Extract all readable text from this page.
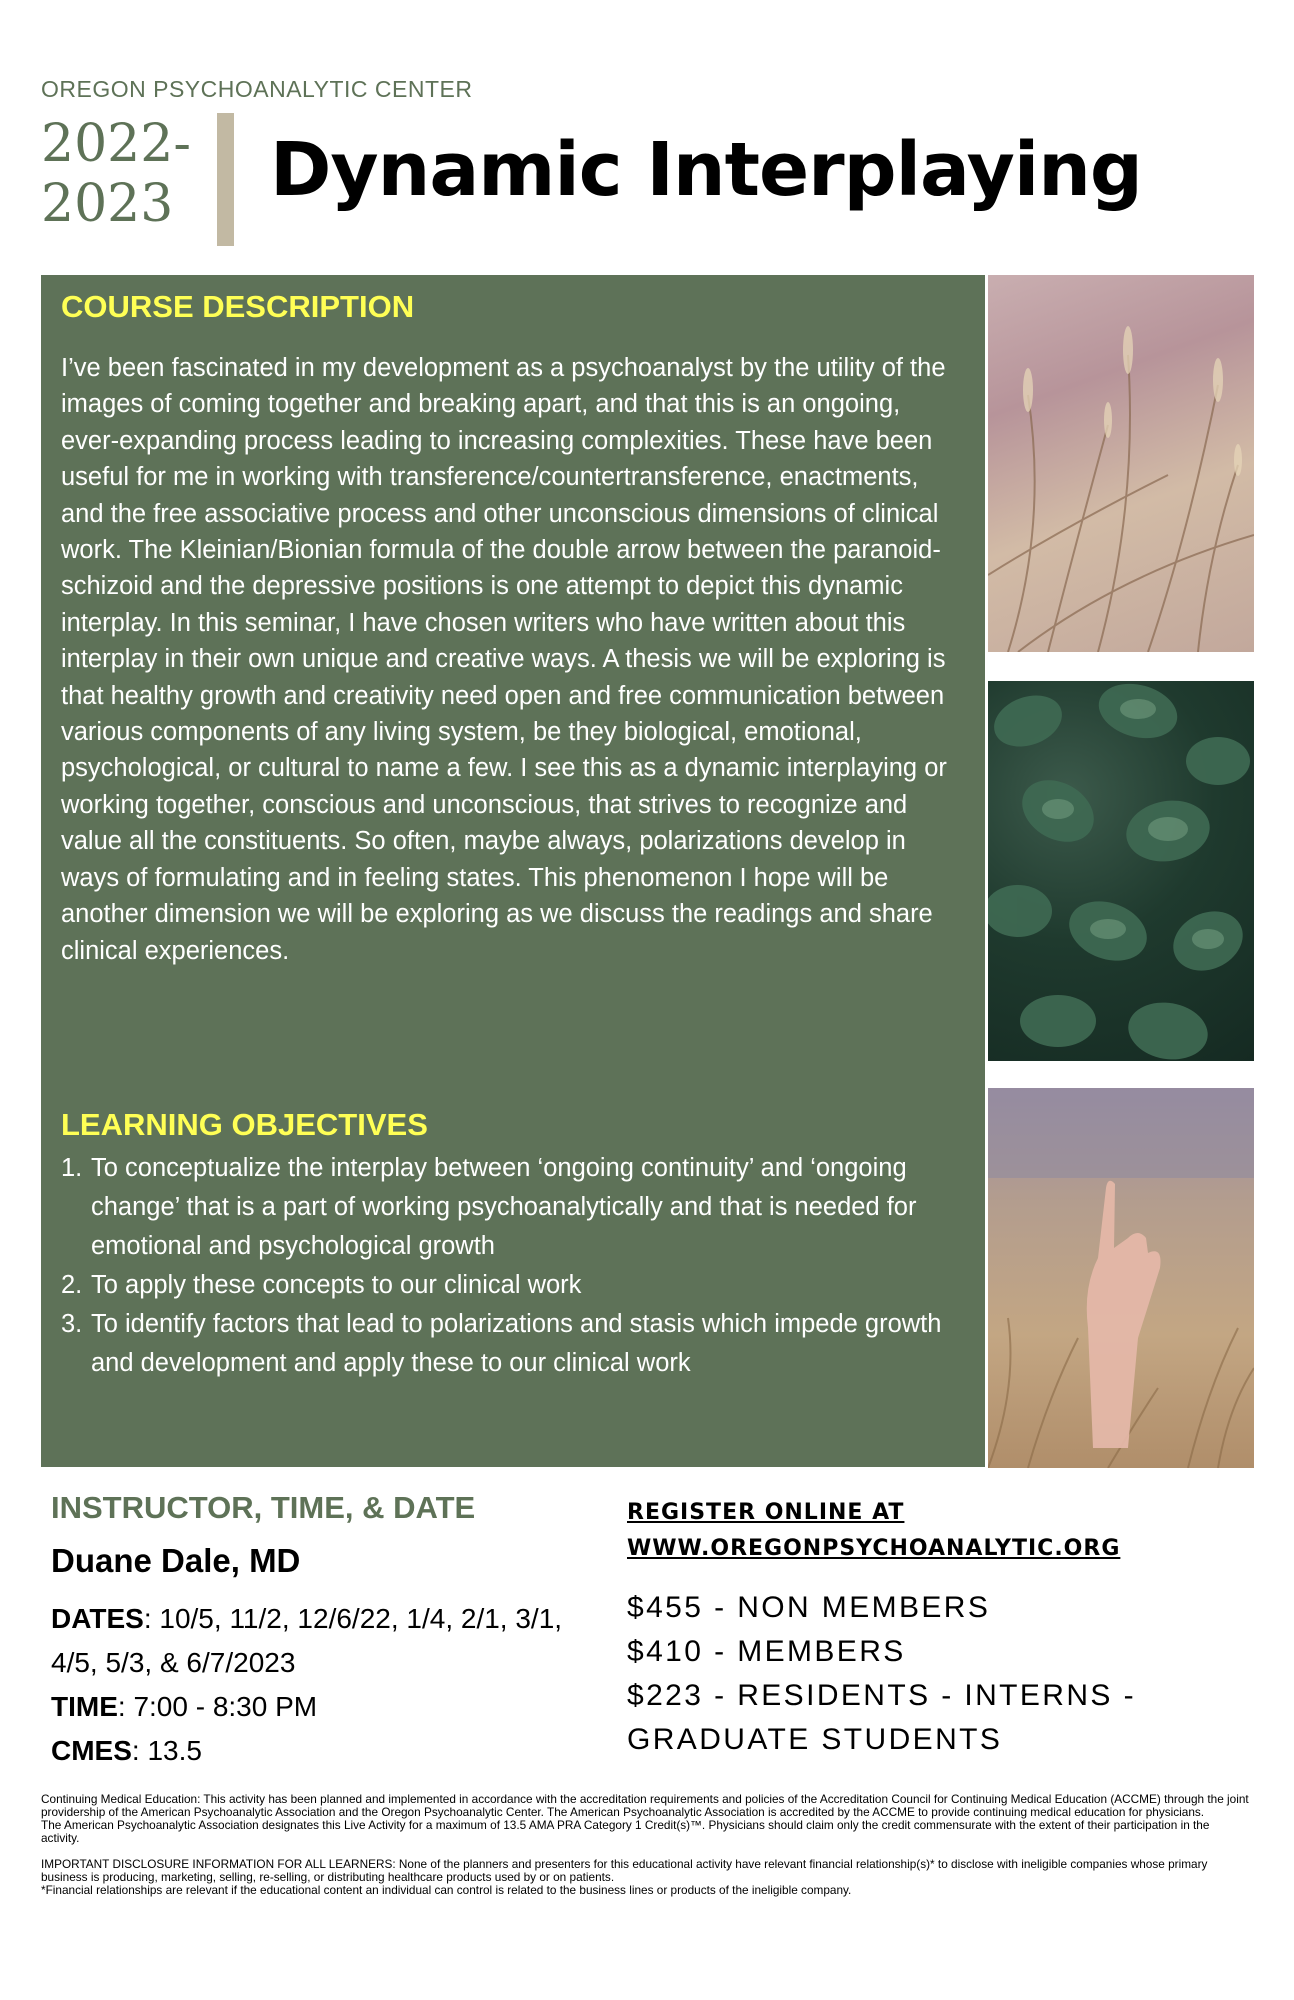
OREGON PSYCHOANALYTIC CENTER
2022-
2023 Dynamic Interplaying
COURSE DESCRIPTION

I’ve been fascinated in my development as a psychoanalyst by the utility of the images of coming together and breaking apart, and that this is an ongoing, ever-expanding process leading to increasing complexities. These have been useful for me in working with transference/countertransference, enactments, and the free associative process and other unconscious dimensions of clinical work. The Kleinian/Bionian formula of the double arrow between the paranoid-schizoid and the depressive positions is one attempt to depict this dynamic interplay. In this seminar, I have chosen writers who have written about this interplay in their own unique and creative ways. A thesis we will be exploring is that healthy growth and creativity need open and free communication between various components of any living system, be they biological, emotional, psychological, or cultural to name a few. I see this as a dynamic interplaying or working together, conscious and unconscious, that strives to recognize and value all the constituents. So often, maybe always, polarizations develop in ways of formulating and in feeling states. This phenomenon I hope will be another dimension we will be exploring as we discuss the readings and share clinical experiences.

LEARNING OBJECTIVES
1. To conceptualize the interplay between ‘ongoing continuity’ and ‘ongoing change’ that is a part of working psychoanalytically and that is needed for emotional and psychological growth
2. To apply these concepts to our clinical work
3. To identify factors that lead to polarizations and stasis which impede growth and development and apply these to our clinical work
INSTRUCTOR, TIME, & DATE
Duane Dale, MD
DATES: 10/5, 11/2, 12/6/22, 1/4, 2/1, 3/1, 4/5, 5/3, & 6/7/2023
TIME: 7:00 - 8:30 PM
CMES: 13.5
REGISTER ONLINE AT
WWW.OREGONPSYCHOANALYTIC.ORG
$455 - NON MEMBERS
$410 - MEMBERS
$223 - RESIDENTS - INTERNS - GRADUATE STUDENTS

Continuing Medical Education: This activity has been planned and implemented in accordance with the accreditation requirements and policies of the Accreditation Council for Continuing Medical Education (ACCME) through the joint providership of the American Psychoanalytic Association and the Oregon Psychoanalytic Center. The American Psychoanalytic Association is accredited by the ACCME to provide continuing medical education for physicians.

The American Psychoanalytic Association designates this Live Activity for a maximum of 13.5 AMA PRA Category 1 Credit(s)™. Physicians should claim only the credit commensurate with the extent of their participation in the activity.

IMPORTANT DISCLOSURE INFORMATION FOR ALL LEARNERS: None of the planners and presenters for this educational activity have relevant financial relationship(s)* to disclose with ineligible companies whose primary business is producing, marketing, selling, re-selling, or distributing healthcare products used by or on patients.

*Financial relationships are relevant if the educational content an individual can control is related to the business lines or products of the ineligible company.
